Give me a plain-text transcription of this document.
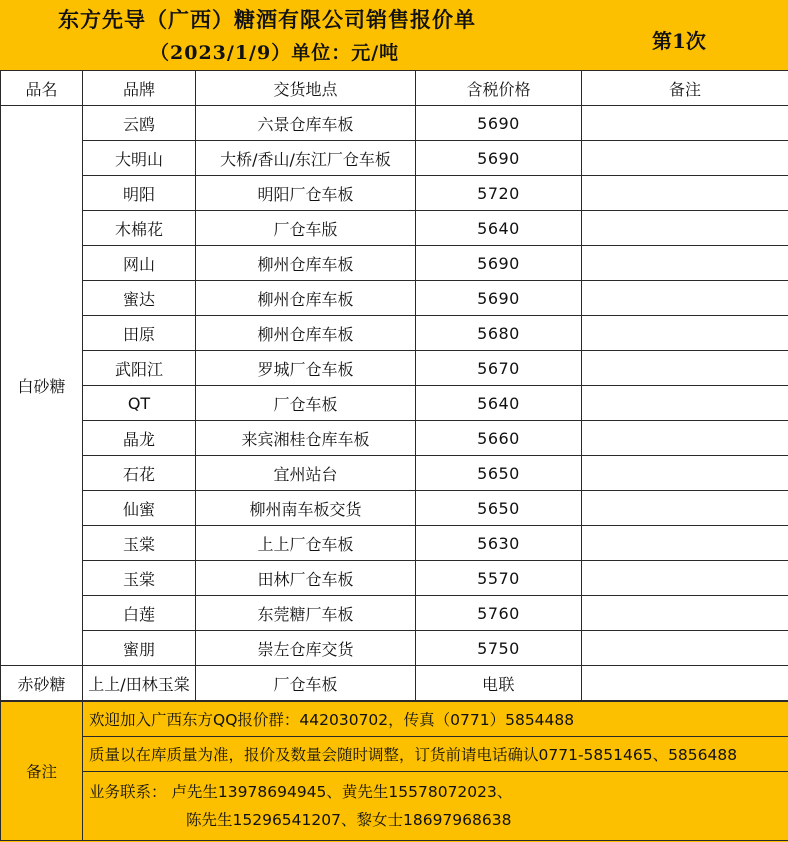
东方先导（广西）糖酒有限公司销售报价单
（2023/1/9）单位：元/吨	第1次
品名	品牌	交货地点	含税价格	备注
白砂糖	云鸥	六景仓库车板	5690	
	大明山	大桥/香山/东江厂仓车板	5690	
	明阳	明阳厂仓车板	5720	
	木棉花	厂仓车版	5640	
	网山	柳州仓库车板	5690	
	蜜达	柳州仓库车板	5690	
	田原	柳州仓库车板	5680	
	武阳江	罗城厂仓车板	5670	
	QT	厂仓车板	5640	
	晶龙	来宾湘桂仓库车板	5660	
	石花	宜州站台	5650	
	仙蜜	柳州南车板交货	5650	
	玉棠	上上厂仓车板	5630	
	玉棠	田林厂仓车板	5570	
	白莲	东莞糖厂车板	5760	
	蜜朋	崇左仓库交货	5750	
赤砂糖	上上/田林玉棠	厂仓车板	电联	
备注	欢迎加入广西东方QQ报价群：442030702，传真（0771）5854488
质量以在库质量为准，报价及数量会随时调整，订货前请电话确认0771-5851465、5856488

业务联系： 卢先生13978694945、黄先生15578072023、
陈先生15296541207、黎女士18697968638
